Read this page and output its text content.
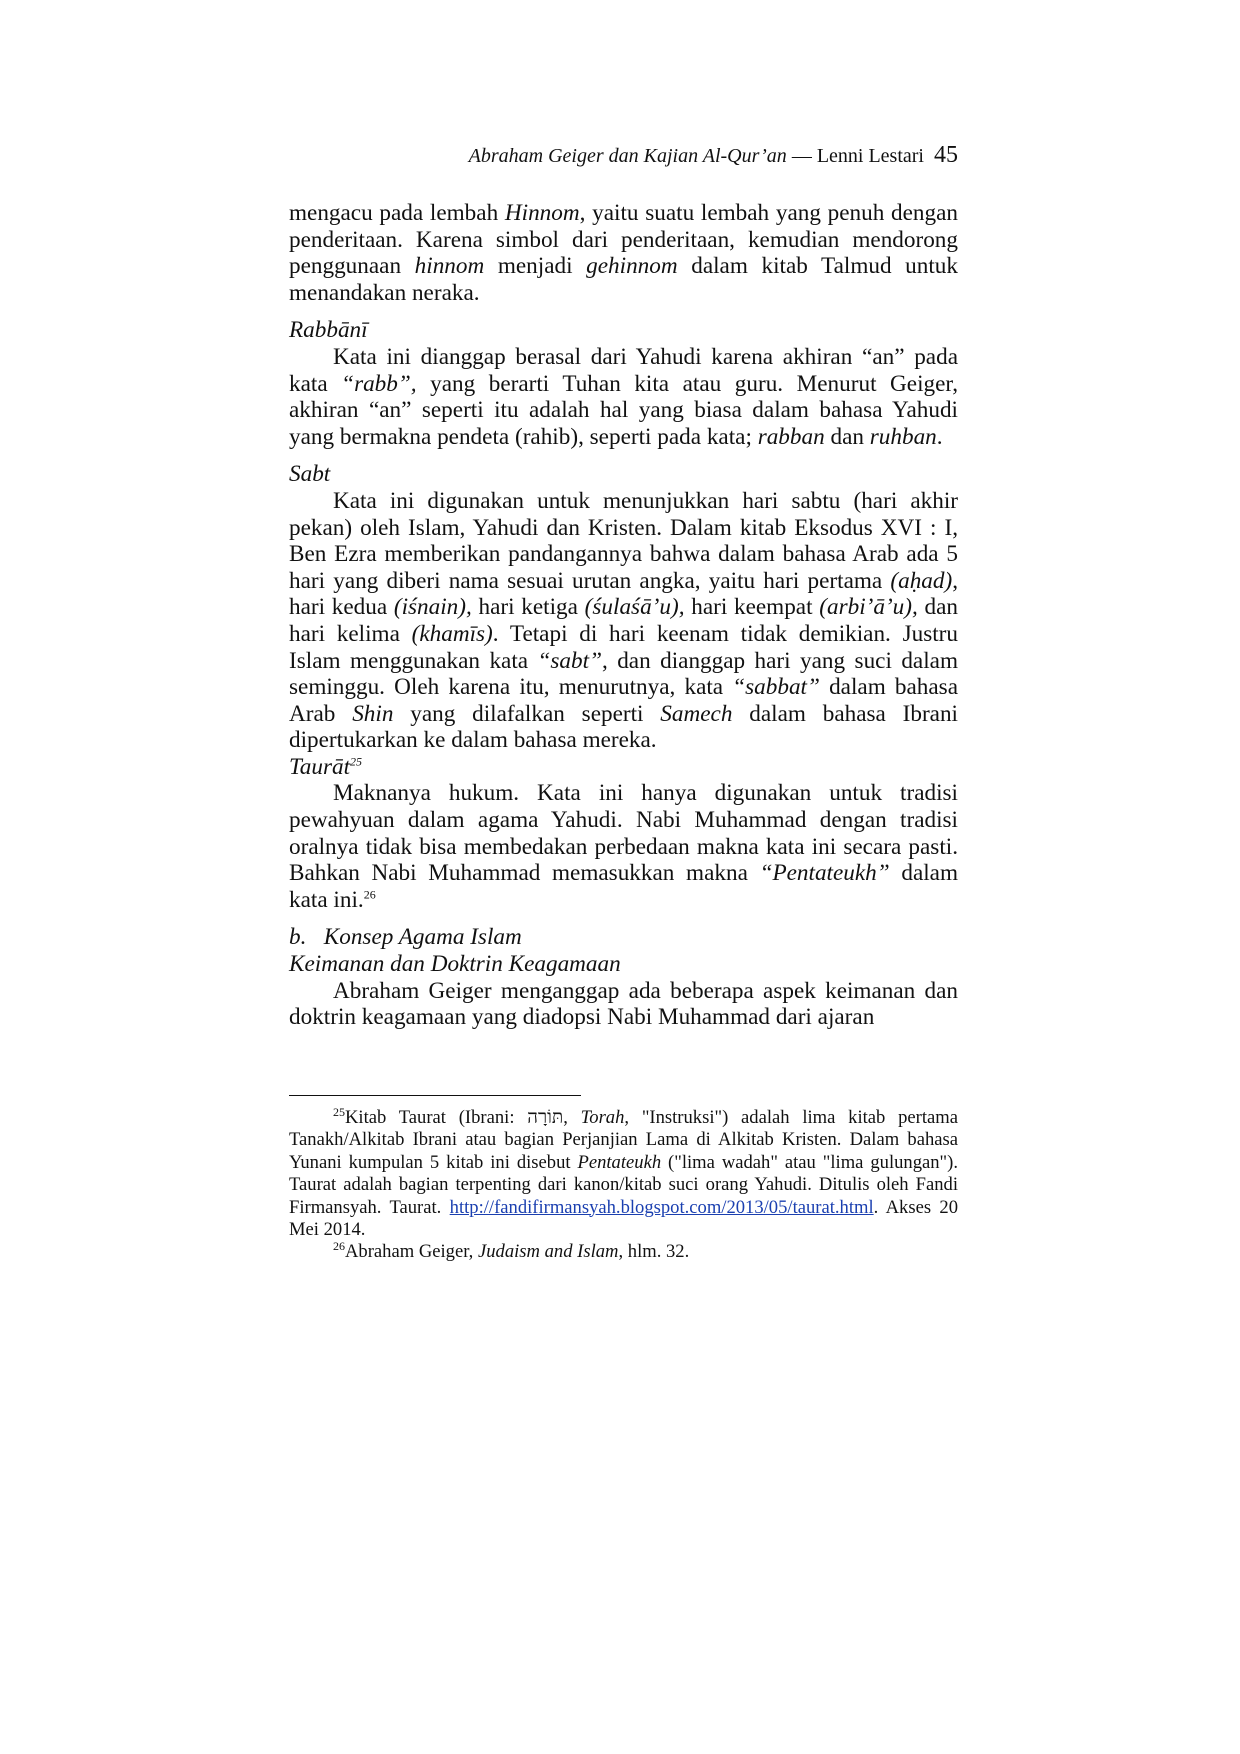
Abraham Geiger dan Kajian Al-Qur’an — Lenni Lestari 45

mengacu pada lembah Hinnom, yaitu suatu lembah yang penuh dengan penderitaan. Karena simbol dari penderitaan, kemudian mendorong penggunaan hinnom menjadi gehinnom dalam kitab Talmud untuk menandakan neraka.

Rabbānī

Kata ini dianggap berasal dari Yahudi karena akhiran “an” pada kata “rabb”, yang berarti Tuhan kita atau guru. Menurut Geiger, akhiran “an” seperti itu adalah hal yang biasa dalam bahasa Yahudi yang bermakna pendeta (rahib), seperti pada kata; rabban dan ruhban.

Sabt

Kata ini digunakan untuk menunjukkan hari sabtu (hari akhir pekan) oleh Islam, Yahudi dan Kristen. Dalam kitab Eksodus XVI : I, Ben Ezra memberikan pandangannya bahwa dalam bahasa Arab ada 5 hari yang diberi nama sesuai urutan angka, yaitu hari pertama (aḥad), hari kedua (iśnain), hari ketiga (śulaśā’u), hari keempat (arbi’ā’u), dan hari kelima (khamīs). Tetapi di hari keenam tidak demikian. Justru Islam menggunakan kata “sabt”, dan dianggap hari yang suci dalam seminggu. Oleh karena itu, menurutnya, kata “sabbat” dalam bahasa Arab Shin yang dilafalkan seperti Samech dalam bahasa Ibrani dipertukarkan ke dalam bahasa mereka.

Taurāt$^{25}$

Maknanya hukum. Kata ini hanya digunakan untuk tradisi pewahyuan dalam agama Yahudi. Nabi Muhammad dengan tradisi oralnya tidak bisa membedakan perbedaan makna kata ini secara pasti. Bahkan Nabi Muhammad memasukkan makna “Pentateukh” dalam kata ini.$^{26}$

b.   Konsep Agama Islam

Keimanan dan Doktrin Keagamaan

Abraham Geiger menganggap ada beberapa aspek keimanan dan doktrin keagamaan yang diadopsi Nabi Muhammad dari ajaran

$^{25}$Kitab Taurat (Ibrani: תּוֹרָה, Torah, "Instruksi") adalah lima kitab pertama Tanakh/Alkitab Ibrani atau bagian Perjanjian Lama di Alkitab Kristen. Dalam bahasa Yunani kumpulan 5 kitab ini disebut Pentateukh ("lima wadah" atau "lima gulungan"). Taurat adalah bagian terpenting dari kanon/kitab suci orang Yahudi. Ditulis oleh Fandi Firmansyah. Taurat. http://fandifirmansyah.blogspot.com/2013/05/taurat.html. Akses 20 Mei 2014.

$^{26}$Abraham Geiger, Judaism and Islam, hlm. 32.
